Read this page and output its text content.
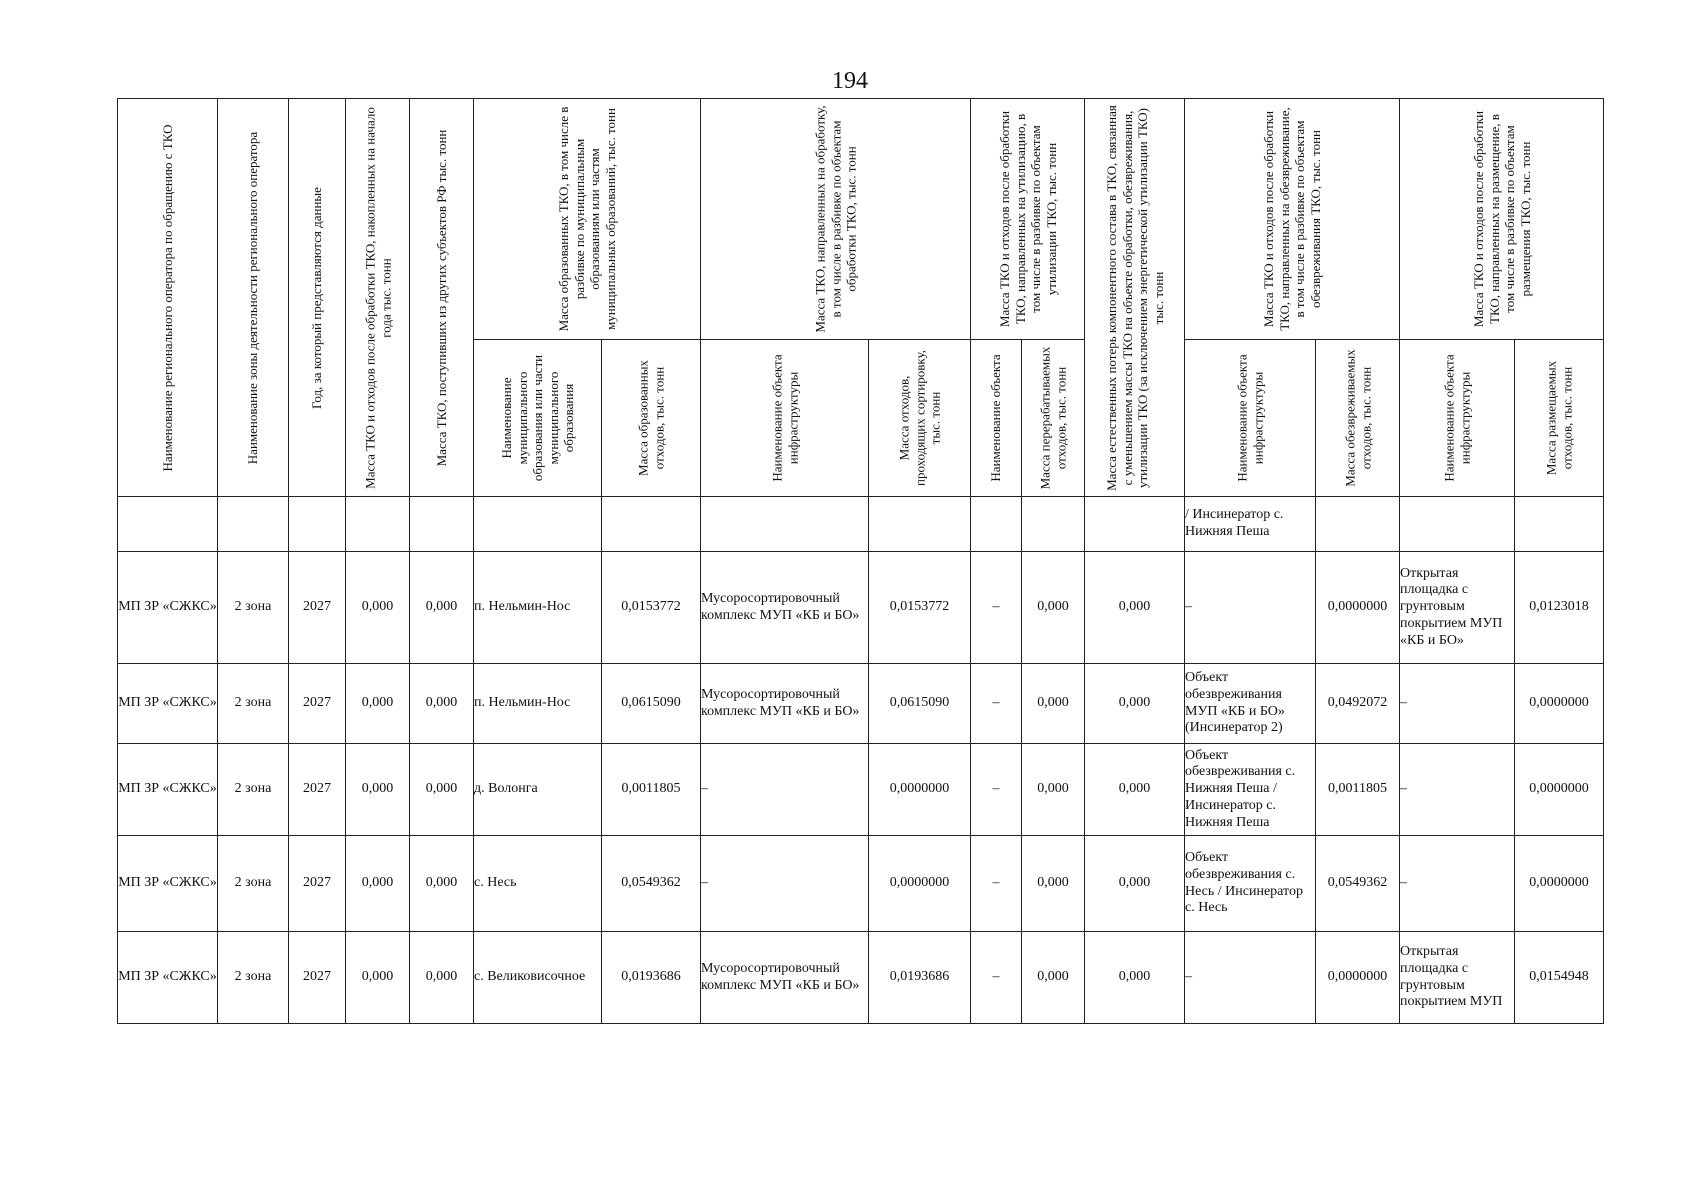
194
Наименование регионального оператора по обращению с ТКО	Наименование зоны деятельности регионального оператора	Год, за который представляются данные	Масса ТКО и отходов после обработки ТКО, накопленных на начало года тыс. тонн	Масса ТКО, поступивших из других субъектов РФ тыс. тонн	Масса образованных ТКО, в том числе в разбивке по муниципальным образованиям или частям муниципальных образований, тыс. тонн		Масса ТКО, направленных на обработку, в том числе в разбивке по объектам обработки ТКО, тыс. тонн		Масса ТКО и отходов после обработки ТКО, направленных на утилизацию, в том числе в разбивке по объектам утилизации ТКО, тыс. тонн		Масса естественных потерь компонентного состава в ТКО, связанная с уменьшением массы ТКО на объекте обработки, обезвреживания, утилизации ТКО (за исключением энергетической утилизации ТКО) тыс. тонн	Масса ТКО и отходов после обработки ТКО, направленных на обезвреживание, в том числе в разбивке по объектам обезвреживания ТКО, тыс. тонн		Масса ТКО и отходов после обработки ТКО, направленных на размещение, в том числе в разбивке по объектам размещения ТКО, тыс. тонн	

					Наименование муниципального образования или части муниципального образования	Масса образованных отходов, тыс. тонн	Наименование объекта инфраструктуры	Масса отходов, проходящих сортировку, тыс. тонн	Наименование объекта	Масса перерабатываемых отходов, тыс. тонн		Наименование объекта инфраструктуры	Масса обезвреживаемых отходов, тыс. тонн	Наименование объекта инфраструктуры	Масса размещаемых отходов, тыс. тонн

												/ Инсинератор с. Нижняя Пеша			
МП ЗР «СЖКС»	2 зона	2027	0,000	0,000	п. Нельмин-Нос	0,0153772	Мусоросортировочный комплекс МУП «КБ и БО»	0,0153772	–	0,000	0,000	–	0,0000000	Открытая площадка с грунтовым покрытием МУП «КБ и БО»	0,0123018
МП ЗР «СЖКС»	2 зона	2027	0,000	0,000	п. Нельмин-Нос	0,0615090	Мусоросортировочный комплекс МУП «КБ и БО»	0,0615090	–	0,000	0,000	Объект обезвреживания МУП «КБ и БО» (Инсинератор 2)	0,0492072	–	0,0000000
МП ЗР «СЖКС»	2 зона	2027	0,000	0,000	д. Волонга	0,0011805	–	0,0000000	–	0,000	0,000	Объект обезвреживания с. Нижняя Пеша / Инсинератор с. Нижняя Пеша	0,0011805	–	0,0000000
МП ЗР «СЖКС»	2 зона	2027	0,000	0,000	с. Несь	0,0549362	–	0,0000000	–	0,000	0,000	Объект обезвреживания с. Несь / Инсинератор с. Несь	0,0549362	–	0,0000000
МП ЗР «СЖКС»	2 зона	2027	0,000	0,000	с. Великовисочное	0,0193686	Мусоросортировочный комплекс МУП «КБ и БО»	0,0193686	–	0,000	0,000	–	0,0000000	Открытая площадка с грунтовым покрытием МУП	0,0154948
